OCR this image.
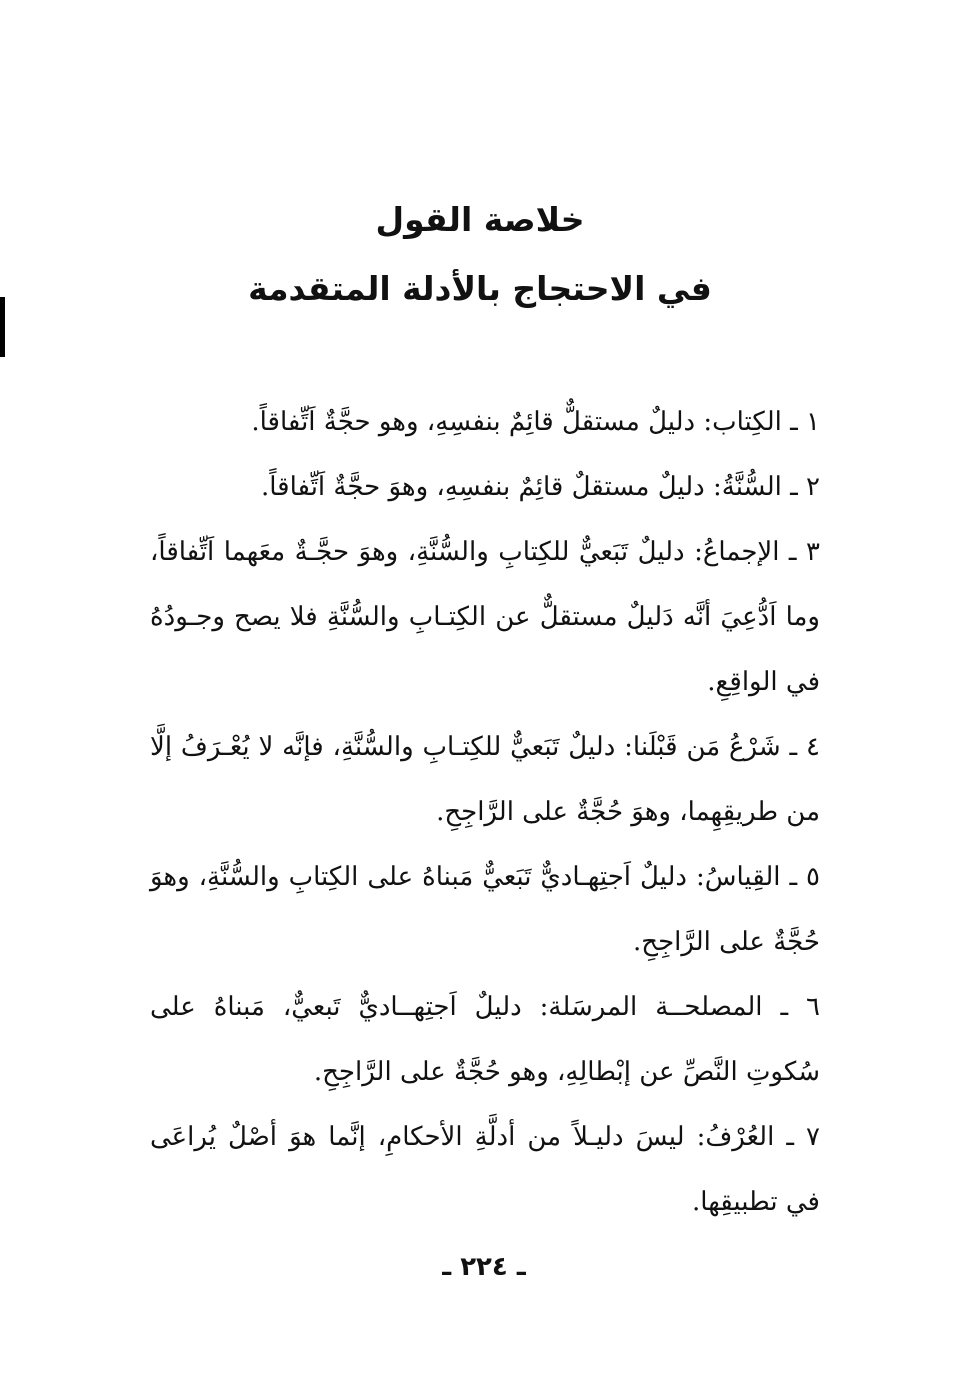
خلاصة القول
في الاحتجاج بالأدلة المتقدمة

١ ـ الكِتاب: دليلٌ مستقلٌّ قائِمٌ بنفسِهِ، وهو حجَّةٌ اَتِّفاقاً.

٢ ـ السُّنَّةُ: دليلٌ مستقلٌ قائِمٌ بنفسِهِ، وهوَ حجَّةٌ اَتِّفاقاً.

٣ ـ الإجماعُ: دليلٌ تَبَعيٌّ للكِتابِ والسُّنَّةِ، وهوَ حجَّـةٌ معَهما اَتِّفاقاً، وما اَدُّعِيَ أنَّه دَليلٌ مستقلٌّ عن الكِتـابِ والسُّنَّةِ فلا يصح وجـودُهُ في الواقِعِ.

٤ ـ شَرْعُ مَن قَبْلَنا: دليلٌ تَبَعيٌّ للكِتـابِ والسُّنَّةِ، فإنَّه لا يُعْـرَفُ إلَّا من طريقِهِما، وهوَ حُجَّةٌ على الرَّاجِحِ.

٥ ـ القِياسُ: دليلٌ اَجتِهـاديٌّ تَبَعيٌّ مَبناهُ على الكِتابِ والسُّنَّةِ، وهوَ حُجَّةٌ على الرَّاجِحِ.

٦ ـ المصلحــة المرسَلة: دليلٌ اَجتِهــاديٌّ تَبعيٌّ، مَبناهُ على سُكوتِ النَّصِّ عن إبْطالِهِ، وهو حُجَّةٌ على الرَّاجِحِ.

٧ ـ العُرْفُ: ليسَ دليـلاً من أدلَّةِ الأحكامِ، إنَّما هوَ أصْلٌ يُراعَى في تطبيقِها.

ـ ٢٢٤ ـ
